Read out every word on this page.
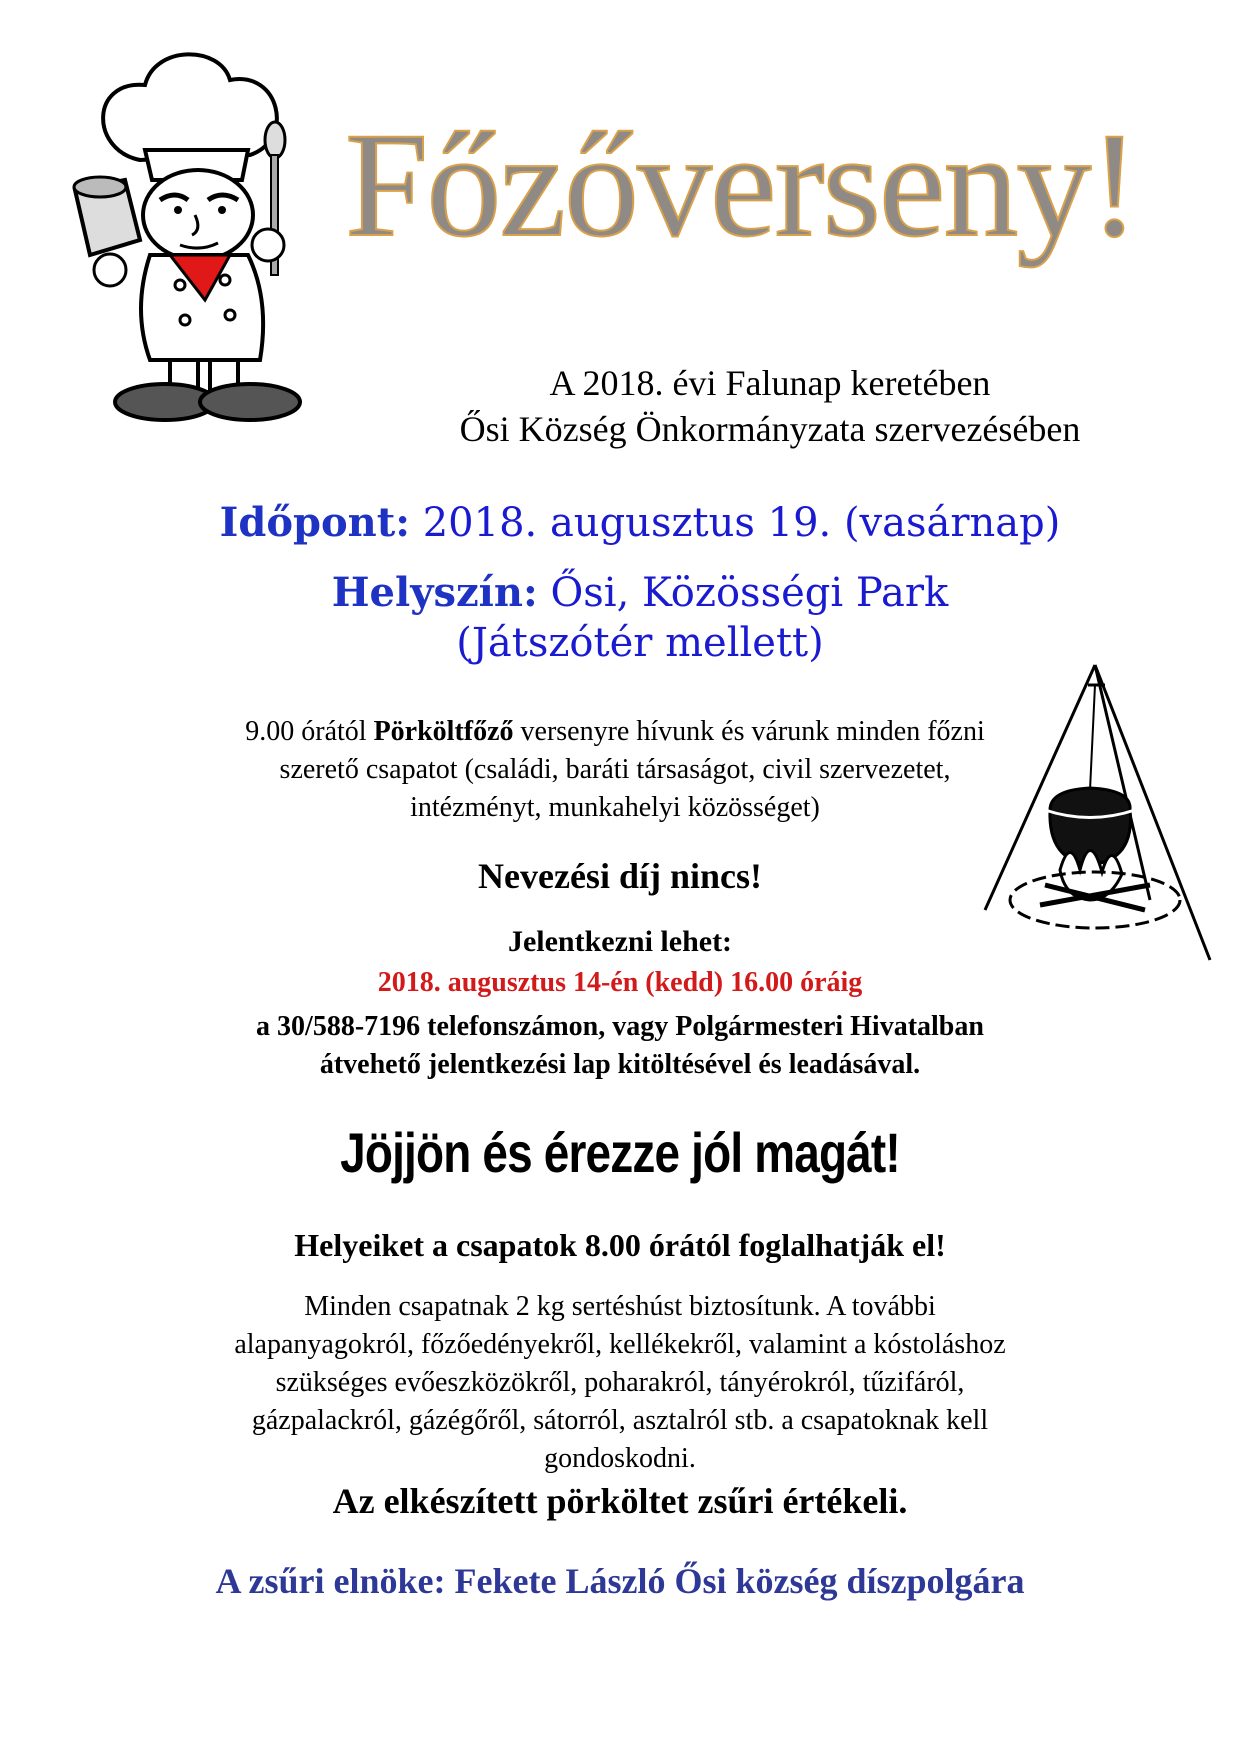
Főzőverseny!
A 2018. évi Falunap keretében
Ősi Község Önkormányzata szervezésében
Időpont: 2018. augusztus 19. (vasárnap)
Helyszín: Ősi, Közösségi Park
(Játszótér mellett)
9.00 órától Pörköltfőző versenyre hívunk és várunk minden főzni
szerető csapatot (családi, baráti társaságot, civil szervezetet,
intézményt, munkahelyi közösséget)
Nevezési díj nincs!
Jelentkezni lehet:
2018. augusztus 14-én (kedd) 16.00 óráig
a 30/588-7196 telefonszámon, vagy Polgármesteri Hivatalban
átvehető jelentkezési lap kitöltésével és leadásával.
Jöjjön és érezze jól magát!
Helyeiket a csapatok 8.00 órától foglalhatják el!
Minden csapatnak 2 kg sertéshúst biztosítunk. A további
alapanyagokról, főzőedényekről, kellékekről, valamint a kóstoláshoz
szükséges evőeszközökről, poharakról, tányérokról, tűzifáról,
gázpalackról, gázégőről, sátorról, asztalról stb. a csapatoknak kell
gondoskodni.
Az elkészített pörköltet zsűri értékeli.
A zsűri elnöke: Fekete László Ősi község díszpolgára
